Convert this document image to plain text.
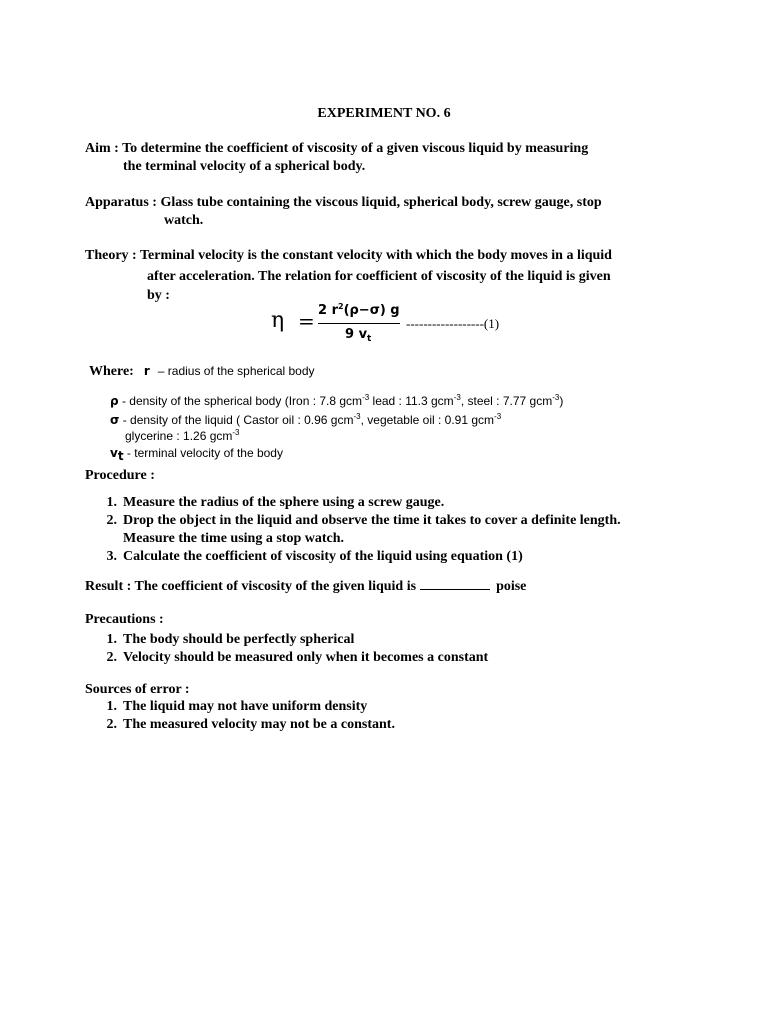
EXPERIMENT NO. 6
Aim : To determine the coefficient of viscosity of a given viscous liquid by measuring
the terminal velocity of a spherical body.
Apparatus : Glass tube containing the viscous liquid, spherical body, screw gauge, stop
watch.
Theory : Terminal velocity is the constant velocity with which the body moves in a liquid
after acceleration. The relation for coefficient of viscosity of the liquid is given
by :
η = 2 $r^2(\rho-\sigma)$ g
9 $v_t$
------------------(1)
Where: r – radius of the spherical body
ρ - density of the spherical body (Iron : 7.8 gcm$^{-3}$ lead : 11.3 gcm$^{-3}$, steel : 7.77 gcm$^{-3}$)
σ - density of the liquid ( Castor oil : 0.96 gcm$^{-3}$, vegetable oil : 0.91 gcm$^{-3}$
glycerine : 1.26 gcm$^{-3}$
$v_t$ - terminal velocity of the body
Procedure :
1. Measure the radius of the sphere using a screw gauge.
2. Drop the object in the liquid and observe the time it takes to cover a definite length.
Measure the time using a stop watch.
3. Calculate the coefficient of viscosity of the liquid using equation (1)
Result : The coefficient of viscosity of the given liquid is	poise
Precautions :
1. The body should be perfectly spherical
2. Velocity should be measured only when it becomes a constant
Sources of error :
1. The liquid may not have uniform density
2. The measured velocity may not be a constant.
